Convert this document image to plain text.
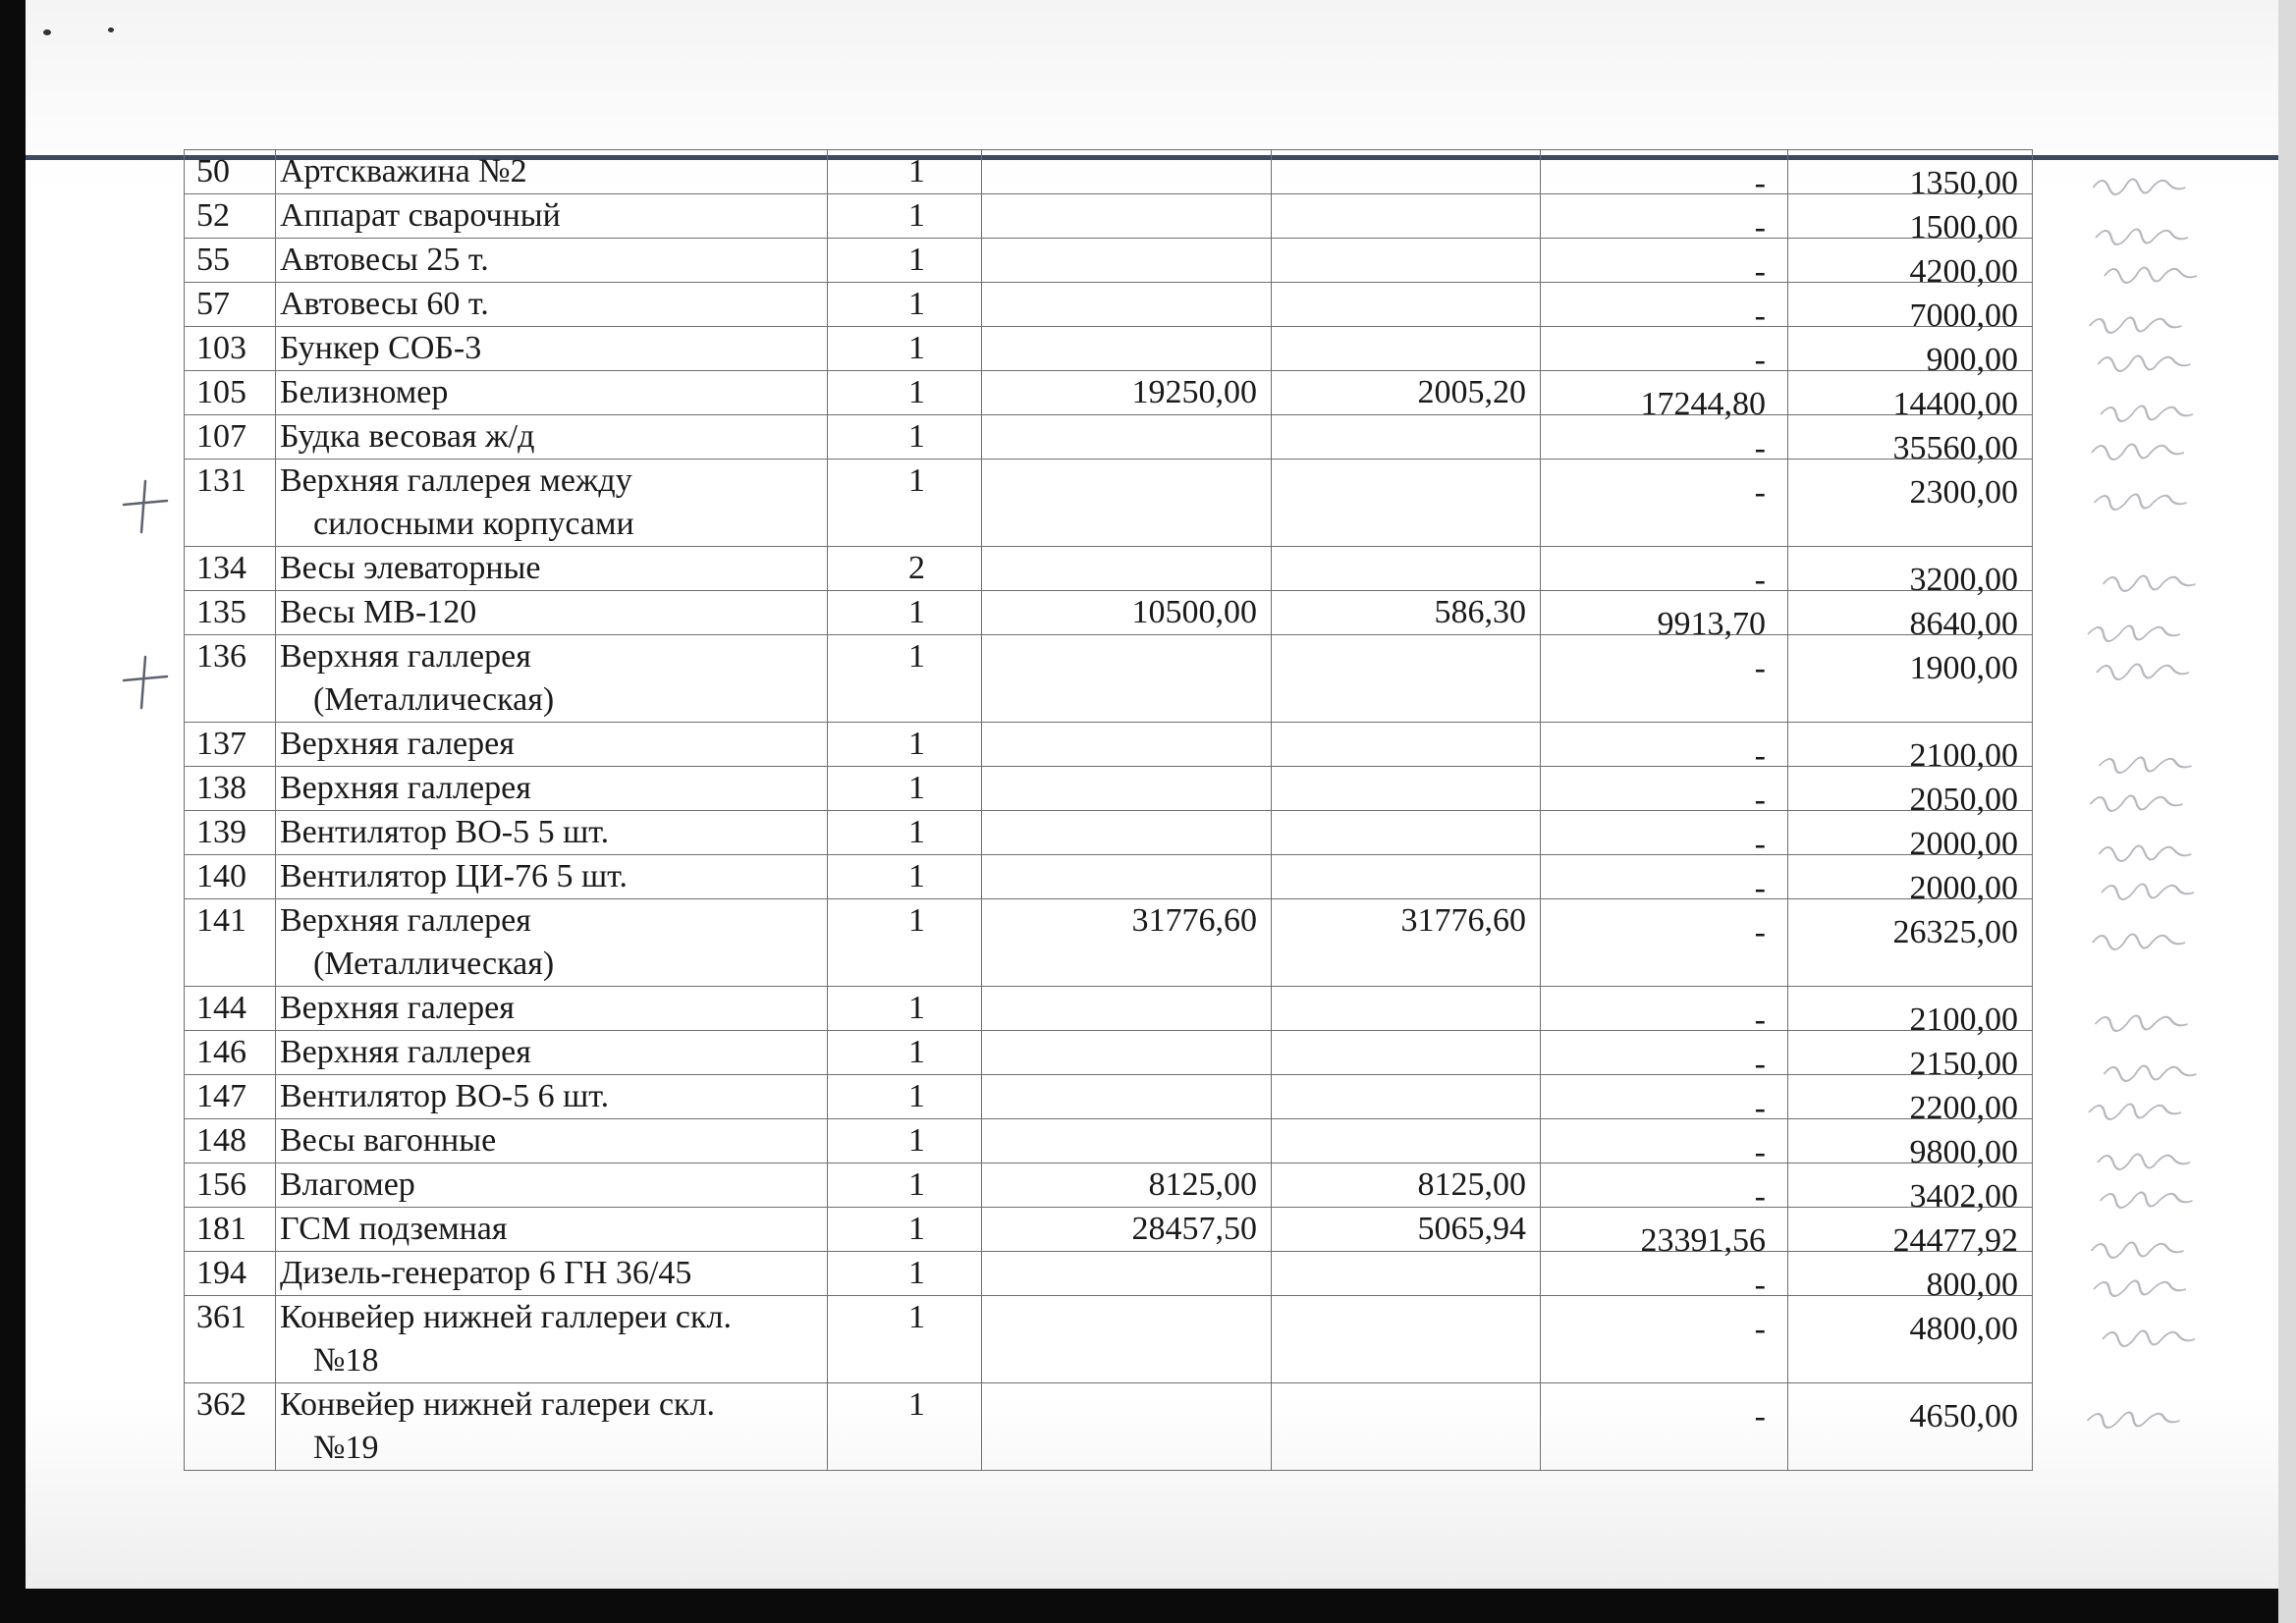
50	Артскважина №2	1			-	1350,00
52	Аппарат сварочный	1			-	1500,00
55	Автовесы 25 т.	1			-	4200,00
57	Автовесы 60 т.	1			-	7000,00
103	Бункер СОБ-3	1			-	900,00
105	Белизномер	1	19250,00	2005,20	17244,80	14400,00
107	Будка весовая ж/д	1			-	35560,00
131	Верхняя галлерея между
силосными корпусами	1			-	2300,00
134	Весы элеваторные	2			-	3200,00
135	Весы МВ-120	1	10500,00	586,30	9913,70	8640,00
136	Верхняя галлерея
(Металлическая)	1			-	1900,00
137	Верхняя галерея	1			-	2100,00
138	Верхняя галлерея	1			-	2050,00
139	Вентилятор ВО-5 5 шт.	1			-	2000,00
140	Вентилятор ЦИ-76 5 шт.	1			-	2000,00
141	Верхняя галлерея
(Металлическая)	1	31776,60	31776,60	-	26325,00
144	Верхняя галерея	1			-	2100,00
146	Верхняя галлерея	1			-	2150,00
147	Вентилятор ВО-5 6 шт.	1			-	2200,00
148	Весы вагонные	1			-	9800,00
156	Влагомер	1	8125,00	8125,00	-	3402,00
181	ГСМ подземная	1	28457,50	5065,94	23391,56	24477,92
194	Дизель-генератор 6 ГН 36/45	1			-	800,00
361	Конвейер нижней галлереи скл.
№18	1			-	4800,00
362	Конвейер нижней галереи скл.
№19	1			-	4650,00
